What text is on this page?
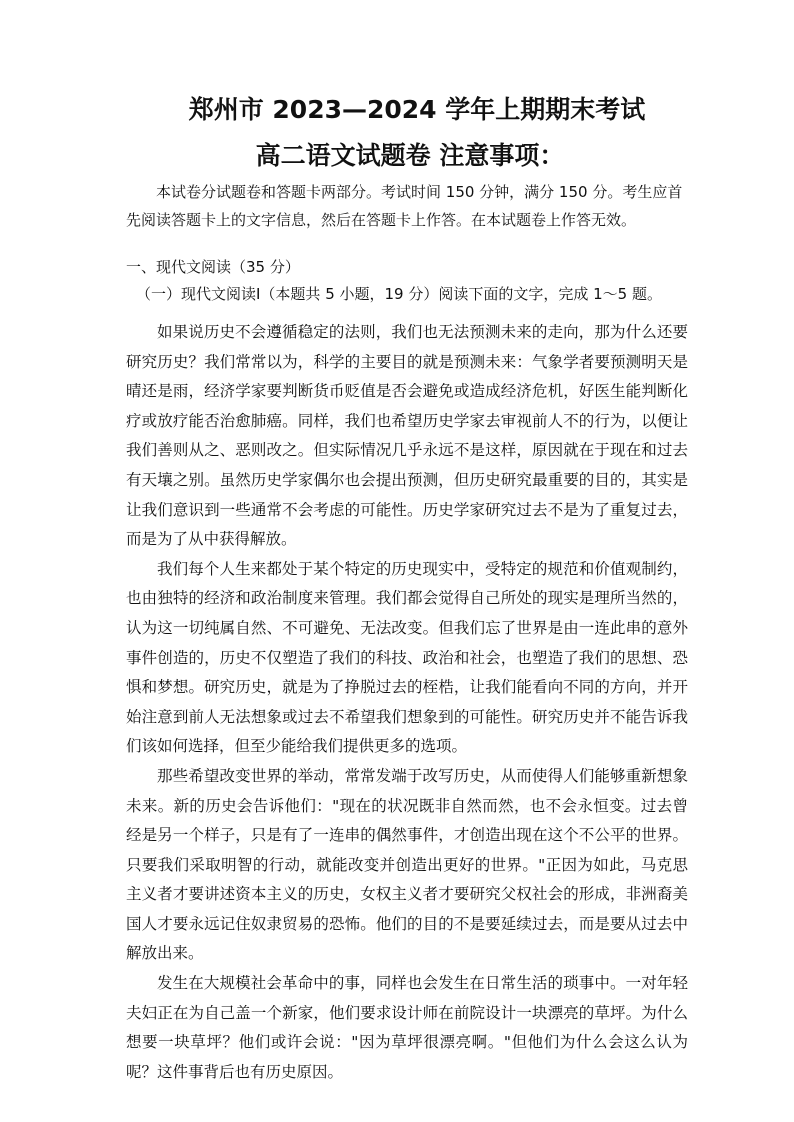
郑州市 2023—2024 学年上期期末考试
高二语文试题卷 注意事项：

本试卷分试题卷和答题卡两部分。考试时间 150 分钟，满分 150 分。考生应首先阅读答题卡上的文字信息，然后在答题卡上作答。在本试题卷上作答无效。

一、现代文阅读（35 分）

（一）现代文阅读Ⅰ（本题共 5 小题，19 分）阅读下面的文字，完成 1～5 题。

如果说历史不会遵循稳定的法则，我们也无法预测未来的走向，那为什么还要研究历史？我们常常以为，科学的主要目的就是预测未来：气象学者要预测明天是晴还是雨，经济学家要判断货币贬值是否会避免或造成经济危机，好医生能判断化疗或放疗能否治愈肺癌。同样，我们也希望历史学家去审视前人不的行为，以便让我们善则从之、恶则改之。但实际情况几乎永远不是这样，原因就在于现在和过去有天壤之别。虽然历史学家偶尔也会提出预测，但历史研究最重要的目的，其实是让我们意识到一些通常不会考虑的可能性。历史学家研究过去不是为了重复过去，而是为了从中获得解放。

我们每个人生来都处于某个特定的历史现实中，受特定的规范和价值观制约，也由独特的经济和政治制度来管理。我们都会觉得自己所处的现实是理所当然的，认为这一切纯属自然、不可避免、无法改变。但我们忘了世界是由一连此串的意外事件创造的，历史不仅塑造了我们的科技、政治和社会，也塑造了我们的思想、恐惧和梦想。研究历史，就是为了挣脱过去的桎梏，让我们能看向不同的方向，并开始注意到前人无法想象或过去不希望我们想象到的可能性。研究历史并不能告诉我们该如何选择，但至少能给我们提供更多的选项。

那些希望改变世界的举动，常常发端于改写历史，从而使得人们能够重新想象未来。新的历史会告诉他们："现在的状况既非自然而然，也不会永恒变。过去曾经是另一个样子，只是有了一连串的偶然事件，才创造出现在这个不公平的世界。只要我们采取明智的行动，就能改变并创造出更好的世界。"正因为如此，马克思主义者才要讲述资本主义的历史，女权主义者才要研究父权社会的形成，非洲裔美国人才要永远记住奴隶贸易的恐怖。他们的目的不是要延续过去，而是要从过去中解放出来。

发生在大规模社会革命中的事，同样也会发生在日常生活的琐事中。一对年轻夫妇正在为自己盖一个新家，他们要求设计师在前院设计一块漂亮的草坪。为什么想要一块草坪？他们或许会说："因为草坪很漂亮啊。"但他们为什么会这么认为呢？这件事背后也有历史原因。
